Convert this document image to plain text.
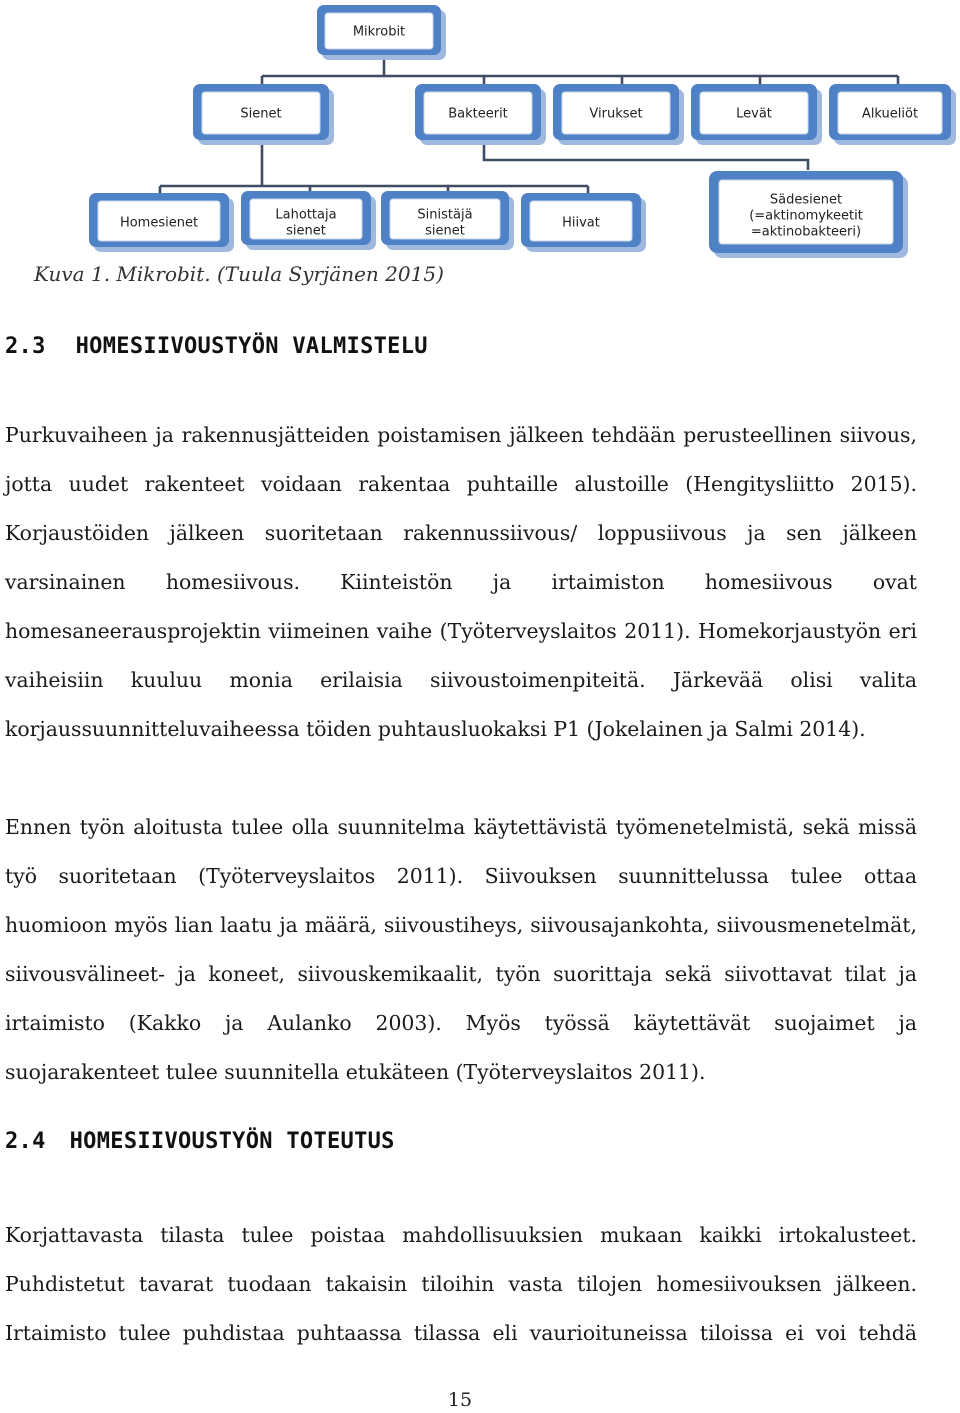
Mikrobit
Sienet	Bakteerit	Virukset	Levät	Alkueliöt
Homesienet
Lahottaja
sienet
Sinistäjä
sienet
Hiivat
Sädesienet
(=aktinomykeetit
=aktinobakteeri)
Kuva 1. Mikrobit. (Tuula Syrjänen 2015)
2.3 HOMESIIVOUSTYÖN VALMISTELU
Purkuvaiheen ja rakennusjätteiden poistamisen jälkeen tehdään perusteellinen siivous, jotta uudet rakenteet voidaan rakentaa puhtaille alustoille (Hengitysliitto 2015). Korjaustöiden jälkeen suoritetaan rakennussiivous/ loppusiivous ja sen jälkeen varsinainen homesiivous. Kiinteistön ja irtaimiston homesiivous ovat homesaneerausprojektin viimeinen vaihe (Työterveyslaitos 2011). Homekorjaustyön eri vaiheisiin kuuluu monia erilaisia siivoustoimenpiteitä. Järkevää olisi valita korjaussuunnitteluvaiheessa töiden puhtausluokaksi P1 (Jokelainen ja Salmi 2014).
Ennen työn aloitusta tulee olla suunnitelma käytettävistä työmenetelmistä, sekä missä työ suoritetaan (Työterveyslaitos 2011). Siivouksen suunnittelussa tulee ottaa huomioon myös lian laatu ja määrä, siivoustiheys, siivousajankohta, siivousmenetelmät, siivousvälineet- ja koneet, siivouskemikaalit, työn suorittaja sekä siivottavat tilat ja irtaimisto (Kakko ja Aulanko 2003). Myös työssä käytettävät suojaimet ja suojarakenteet tulee suunnitella etukäteen (Työterveyslaitos 2011).
2.4 HOMESIIVOUSTYÖN TOTEUTUS
Korjattavasta tilasta tulee poistaa mahdollisuuksien mukaan kaikki irtokalusteet. Puhdistetut tavarat tuodaan takaisin tiloihin vasta tilojen homesiivouksen jälkeen. Irtaimisto tulee puhdistaa puhtaassa tilassa eli vaurioituneissa tiloissa ei voi tehdä
15
